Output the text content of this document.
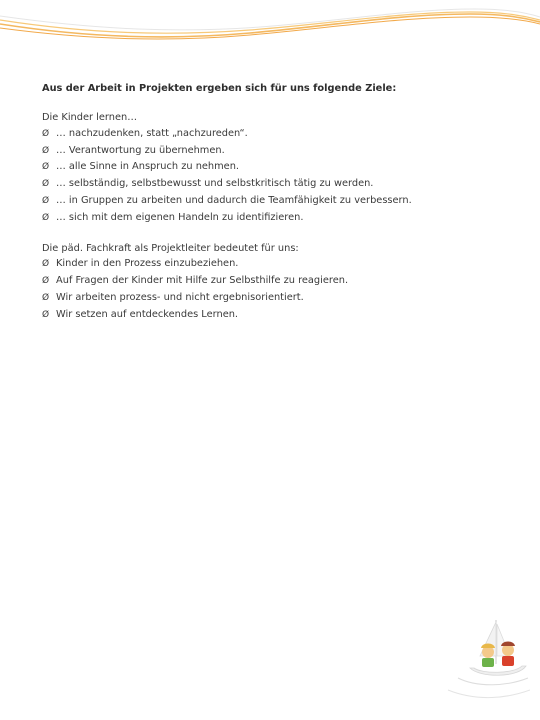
Aus der Arbeit in Projekten ergeben sich für uns folgende Ziele:

Die Kinder lernen…

Ø … nachzudenken, statt „nachzureden“.
Ø … Verantwortung zu übernehmen.
Ø … alle Sinne in Anspruch zu nehmen.
Ø … selbständig, selbstbewusst und selbstkritisch tätig zu werden.
Ø … in Gruppen zu arbeiten und dadurch die Teamfähigkeit zu verbessern.
Ø … sich mit dem eigenen Handeln zu identifizieren.

Die päd. Fachkraft als Projektleiter bedeutet für uns:

Ø Kinder in den Prozess einzubeziehen.
Ø Auf Fragen der Kinder mit Hilfe zur Selbsthilfe zu reagieren.
Ø Wir arbeiten prozess- und nicht ergebnisorientiert.
Ø Wir setzen auf entdeckendes Lernen.
